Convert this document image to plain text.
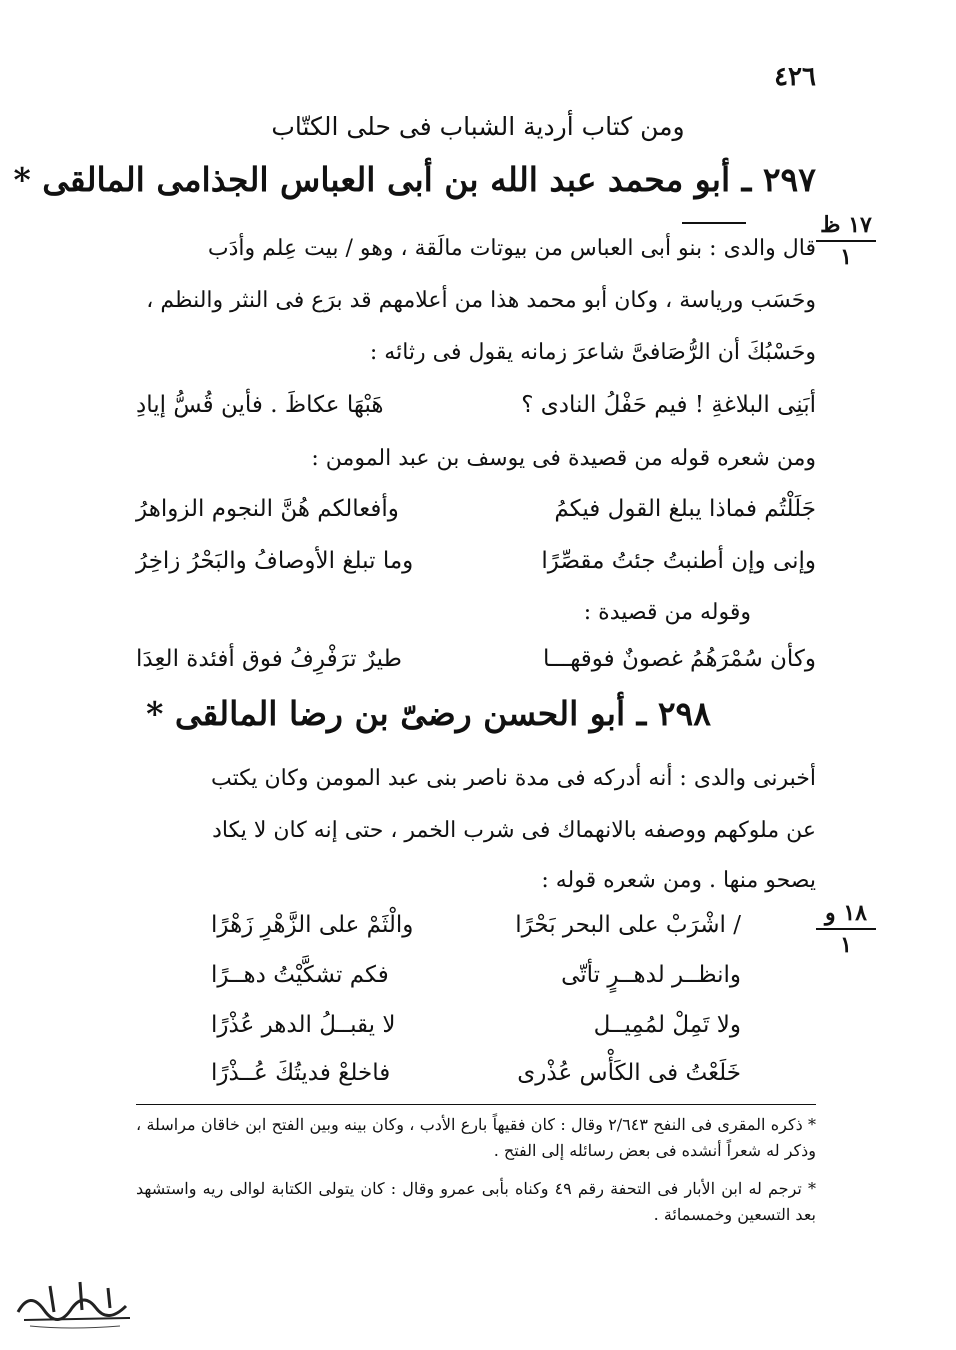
٤٢٦
ومن كتاب أردية الشباب فى حلى الكتّاب
٢٩٧ ـ أبو محمد عبد الله بن أبى العباس الجذامى المالقى *
قال والدى : بنو أبى العباس من بيوتات مالَقة ، وهو / بيت عِلم وأدَب
وحَسَب ورياسة ، وكان أبو محمد هذا من أعلامهم قد برَع فى النثر والنظم ،
وحَسْبُكَ أن الرُّصَافىَّ شاعرَ زمانه يقول فى رثائه :
أبَنِى البلاغةِ ! فيم حَفْلُ النادى ؟
هَبْهَا عكاظَ . فأين قُسُّ إيادِ
ومن شعره قوله من قصيدة فى يوسف بن عبد المومن :
جَلَلْتُم فماذا يبلغ القول فيكمُ
وأفعالكم هُنَّ النجوم الزواهرُ
وإنى وإن أطنبتُ جئتُ مقصِّرًا
وما تبلغ الأوصافُ والبَحْرُ زاخِرُ
وقوله من قصيدة :
وكأن سُمْرَهُمُ غصونٌ فوقهـــا
طيرٌ ترَفْرِفُ فوق أفئدة العِدَا
٢٩٨ ـ أبو الحسن رضىّ بن رضا المالقى *
أخبرنى والدى : أنه أدركه فى مدة ناصر بنى عبد المومن وكان يكتب
عن ملوكهم ووصفه بالانهماك فى شرب الخمر ، حتى إنه كان لا يكاد
يصحو منها . ومن شعره قوله :
/ اشْرَبْ على البحر بَحْرًا
والْثَمْ على الزَّهْرِ زَهْرًا
وانظــر لدهــرٍ تأتّى
فكم تشكَّيْتُ دهــرًا
ولا تَمِلْ لمُمِيــل
لا يقبــلُ الدهر عُذْرًا
خَلَعْتُ فى الكَأْس عُذْرى
فاخلعْ فديتُكَ عُــذْرًا
١٧ ظ
١
١٨ و
١
* ذكره المقرى فى النفح ٢/٦٤٣ وقال : كان فقيهاً بارع الأدب ، وكان بينه وبين الفتح ابن خاقان مراسلة ، وذكر له شعراً أنشده فى بعض رسائله إلى الفتح .
* ترجم له ابن الأبار فى التحفة رقم ٤٩ وكناه بأبى عمرو وقال : كان يتولى الكتابة لوالى ريه واستشهد بعد التسعين وخمسمائة .
